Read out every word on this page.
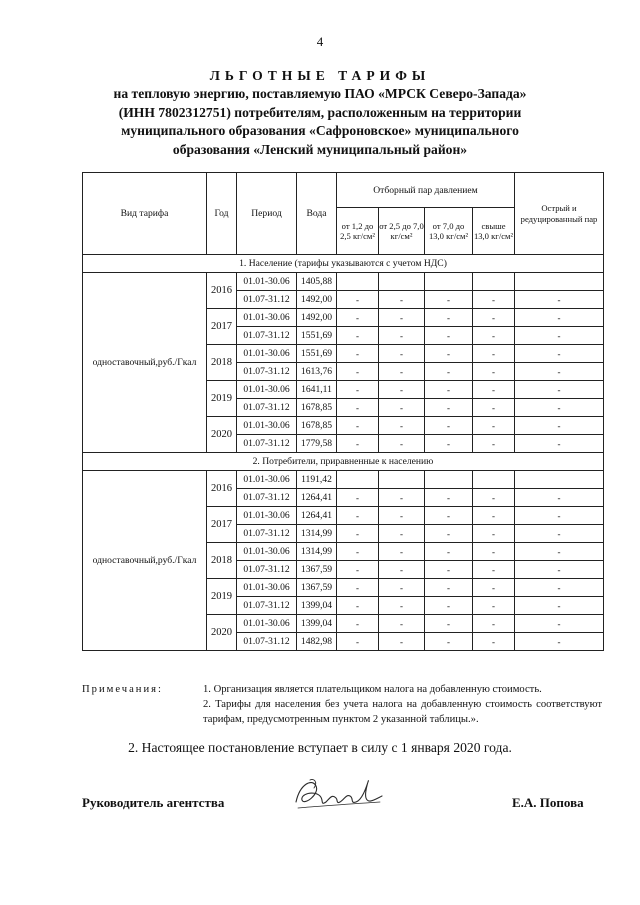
4
ЛЬГОТНЫЕ ТАРИФЫ
на тепловую энергию, поставляемую ПАО «МРСК Северо-Запада»
(ИНН 7802312751) потребителям, расположенным на территории
муниципального образования «Сафроновское» муниципального
образования «Ленский муниципальный район»
Вид тарифа	Год	Период	Вода	Отборный пар давлением				Острый и редуцированный пар
				от 1,2 до 2,5 кг/см²	от 2,5 до 7,0 кг/см²	от 7,0 до 13,0 кг/см²	свыше 13,0 кг/см²	
1. Население (тарифы указываются с учетом НДС)								
одноставочный,руб./Гкал	2016	01.01-30.06	1405,88					
		01.07-31.12	1492,00	-	-	-	-	-
	2017	01.01-30.06	1492,00	-	-	-	-	-
		01.07-31.12	1551,69	-	-	-	-	-
	2018	01.01-30.06	1551,69	-	-	-	-	-
		01.07-31.12	1613,76	-	-	-	-	-
	2019	01.01-30.06	1641,11	-	-	-	-	-
		01.07-31.12	1678,85	-	-	-	-	-
	2020	01.01-30.06	1678,85	-	-	-	-	-
		01.07-31.12	1779,58	-	-	-	-	-
2. Потребители, приравненные к населению								
одноставочный,руб./Гкал	2016	01.01-30.06	1191,42					
		01.07-31.12	1264,41	-	-	-	-	-
	2017	01.01-30.06	1264,41	-	-	-	-	-
		01.07-31.12	1314,99	-	-	-	-	-
	2018	01.01-30.06	1314,99	-	-	-	-	-
		01.07-31.12	1367,59	-	-	-	-	-
	2019	01.01-30.06	1367,59	-	-	-	-	-
		01.07-31.12	1399,04	-	-	-	-	-
	2020	01.01-30.06	1399,04	-	-	-	-	-
		01.07-31.12	1482,98	-	-	-	-	-
Примечания:	1. Организация является плательщиком налога на добавленную стоимость.
2. Тарифы для населения без учета налога на добавленную стоимость соответствуют тарифам, предусмотренным пунктом 2 указанной таблицы.».
2. Настоящее постановление вступает в силу с 1 января 2020 года.
Руководитель агентства	Е.А. Попова
